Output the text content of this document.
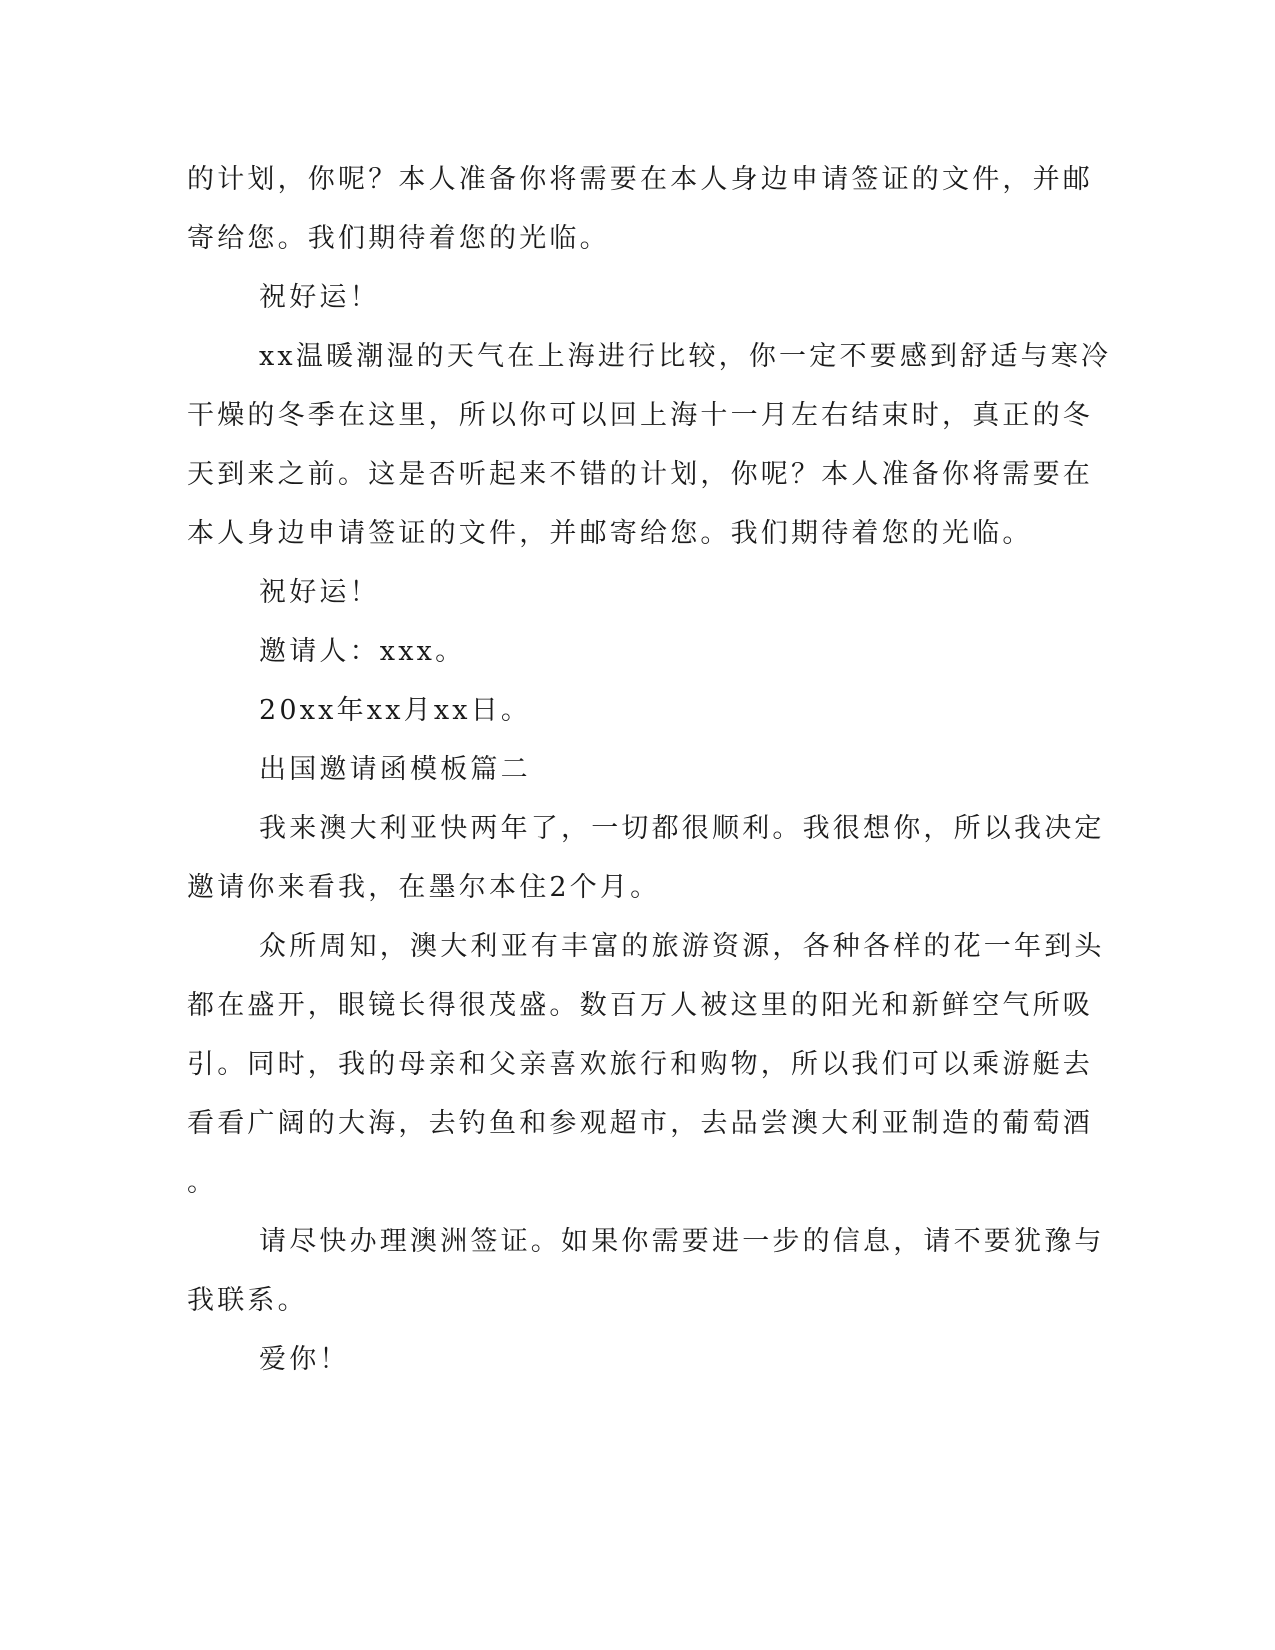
的计划，你呢？本人准备你将需要在本人身边申请签证的文件，并邮

寄给您。我们期待着您的光临。

祝好运！

xx温暖潮湿的天气在上海进行比较，你一定不要感到舒适与寒冷

干燥的冬季在这里，所以你可以回上海十一月左右结束时，真正的冬

天到来之前。这是否听起来不错的计划，你呢？本人准备你将需要在

本人身边申请签证的文件，并邮寄给您。我们期待着您的光临。

祝好运！

邀请人：xxx。

20xx年xx月xx日。

出国邀请函模板篇二

我来澳大利亚快两年了，一切都很顺利。我很想你，所以我决定

邀请你来看我，在墨尔本住2个月。

众所周知，澳大利亚有丰富的旅游资源，各种各样的花一年到头

都在盛开，眼镜长得很茂盛。数百万人被这里的阳光和新鲜空气所吸

引。同时，我的母亲和父亲喜欢旅行和购物，所以我们可以乘游艇去

看看广阔的大海，去钓鱼和参观超市，去品尝澳大利亚制造的葡萄酒

。

请尽快办理澳洲签证。如果你需要进一步的信息，请不要犹豫与

我联系。

爱你！
